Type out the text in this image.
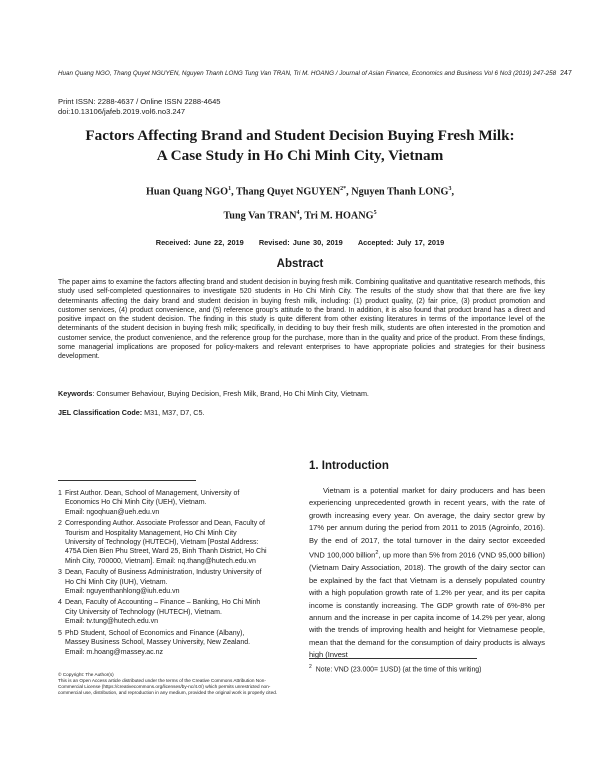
Huan Quang NGO, Thang Quyet NGUYEN, Nguyen Thanh LONG Tung Van TRAN, Tri M. HOANG / Journal of Asian Finance, Economics and Business Vol 6 No3 (2019) 247-258 247
Print ISSN: 2288-4637 / Online ISSN 2288-4645
doi:10.13106/jafeb.2019.vol6.no3.247
Factors Affecting Brand and Student Decision Buying Fresh Milk:
A Case Study in Ho Chi Minh City, Vietnam
Huan Quang NGO$^1$, Thang Quyet $NGUYEN^{2*}$, Nguyen Thanh LONG$^3$,
Tung Van TRAN$^4$, Tri M. HOANG$^5$
Received: June 22, 2019 Revised: June 30, 2019 Accepted: July 17, 2019
Abstract
The paper aims to examine the factors affecting brand and student decision in buying fresh milk. Combining qualitative and quantitative research methods, this study used self-completed questionnaires to investigate 520 students in Ho Chi Minh City. The results of the study show that that there are five key determinants affecting the dairy brand and student decision in buying fresh milk, including: (1) product quality, (2) fair price, (3) product promotion and customer services, (4) product convenience, and (5) reference group's attitude to the brand. In addition, it is also found that product brand has a direct and positive impact on the student decision. The finding in this study is quite different from other existing literatures in terms of the importance level of the determinants of the student decision in buying fresh milk; specifically, in deciding to buy their fresh milk, students are often interested in the promotion and customer service, the product convenience, and the reference group for the purchase, more than in the quality and price of the product. From these findings, some managerial implications are proposed for policy-makers and relevant enterprises to have appropriate policies and strategies for their business development.
Keywords: Consumer Behaviour, Buying Decision, Fresh Milk, Brand, Ho Chi Minh City, Vietnam.
JEL Classification Code: M31, M37, D7, C5.
1 First Author. Dean, School of Management, University of
Economics Ho Chi Minh City (UEH), Vietnam.
Email: ngoqhuan@ueh.edu.vn
2 Corresponding Author. Associate Professor and Dean, Faculty of
Tourism and Hospitality Management, Ho Chi Minh City
University of Technology (HUTECH), Vietnam [Postal Address:
475A Dien Bien Phu Street, Ward 25, Binh Thanh District, Ho Chi
Minh City, 700000, Vietnam]. Email: nq.thang@hutech.edu.vn
3 Dean, Faculty of Business Administration, Industry University of
Ho Chi Minh City (IUH), Vietnam.
Email: nguyenthanhlong@iuh.edu.vn
4 Dean, Faculty of Accounting – Finance – Banking, Ho Chi Minh
City University of Technology (HUTECH), Vietnam.
Email: tv.tung@hutech.edu.vn
5 PhD Student, School of Economics and Finance (Albany),
Massey Business School, Massey University, New Zealand.
Email: m.hoang@massey.ac.nz
© Copyright: The Author(s)
This is an Open Access article distributed under the terms of the Creative Commons Attribution Non-
Commercial License (https://creativecommons.org/licenses/by-nc/4.0/) which permits unrestricted non-
commercial use, distribution, and reproduction in any medium, provided the original work is properly cited.
1. Introduction

Vietnam is a potential market for dairy producers and has been experiencing unprecedented growth in recent years, with the rate of growth increasing every year. On average, the dairy sector grew by 17% per annum during the period from 2011 to 2015 (Agroinfo, 2016). By the end of 2017, the total turnover in the dairy sector exceeded VND 100,000 billion$^2$, up more than 5% from 2016 (VND 95,000 billion) (Vietnam Dairy Association, 2018). The growth of the dairy sector can be explained by the fact that Vietnam is a densely populated country with a high population growth rate of 1.2% per year, and its per capita income is constantly increasing. The GDP growth rate of 6%-8% per annum and the increase in per capita income of 14.2% per year, along with the trends of improving health and height for Vietnamese people, mean that the demand for the consumption of dairy products is always high (Invest

$^2$ Note: VND (23.000= 1USD) (at the time of this writing)
